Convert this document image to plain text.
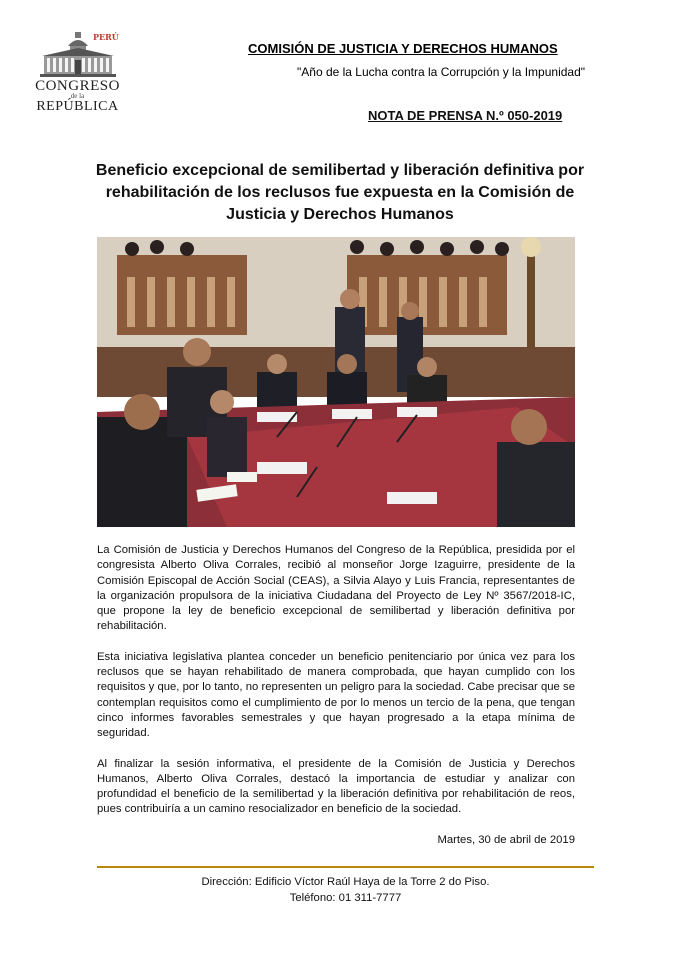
PERÚ
CONGRESO
de la
REPÚBLICA
COMISIÓN DE JUSTICIA Y DERECHOS HUMANOS
"Año de la Lucha contra la Corrupción y la Impunidad"
NOTA DE PRENSA N.º 050-2019
Beneficio excepcional de semilibertad y liberación definitiva por rehabilitación de los reclusos fue expuesta en la Comisión de Justicia y Derechos Humanos

La Comisión de Justicia y Derechos Humanos del Congreso de la República, presidida por el congresista Alberto Oliva Corrales, recibió al monseñor Jorge Izaguirre, presidente de la Comisión Episcopal de Acción Social (CEAS), a Silvia Alayo y Luis Francia, representantes de la organización propulsora de la iniciativa Ciudadana del Proyecto de Ley Nº 3567/2018-IC, que propone la ley de beneficio excepcional de semilibertad y liberación definitiva por rehabilitación.

Esta iniciativa legislativa plantea conceder un beneficio penitenciario por única vez para los reclusos que se hayan rehabilitado de manera comprobada, que hayan cumplido con los requisitos y que, por lo tanto, no representen un peligro para la sociedad. Cabe precisar que se contemplan requisitos como el cumplimiento de por lo menos un tercio de la pena, que tengan cinco informes favorables semestrales y que hayan progresado a la etapa mínima de seguridad.

Al finalizar la sesión informativa, el presidente de la Comisión de Justicia y Derechos Humanos, Alberto Oliva Corrales, destacó la importancia de estudiar y analizar con profundidad el beneficio de la semilibertad y la liberación definitiva por rehabilitación de reos, pues contribuiría a un camino resocializador en beneficio de la sociedad.

Martes, 30 de abril de 2019
Dirección: Edificio Víctor Raúl Haya de la Torre 2 do Piso.
Teléfono: 01 311-7777
